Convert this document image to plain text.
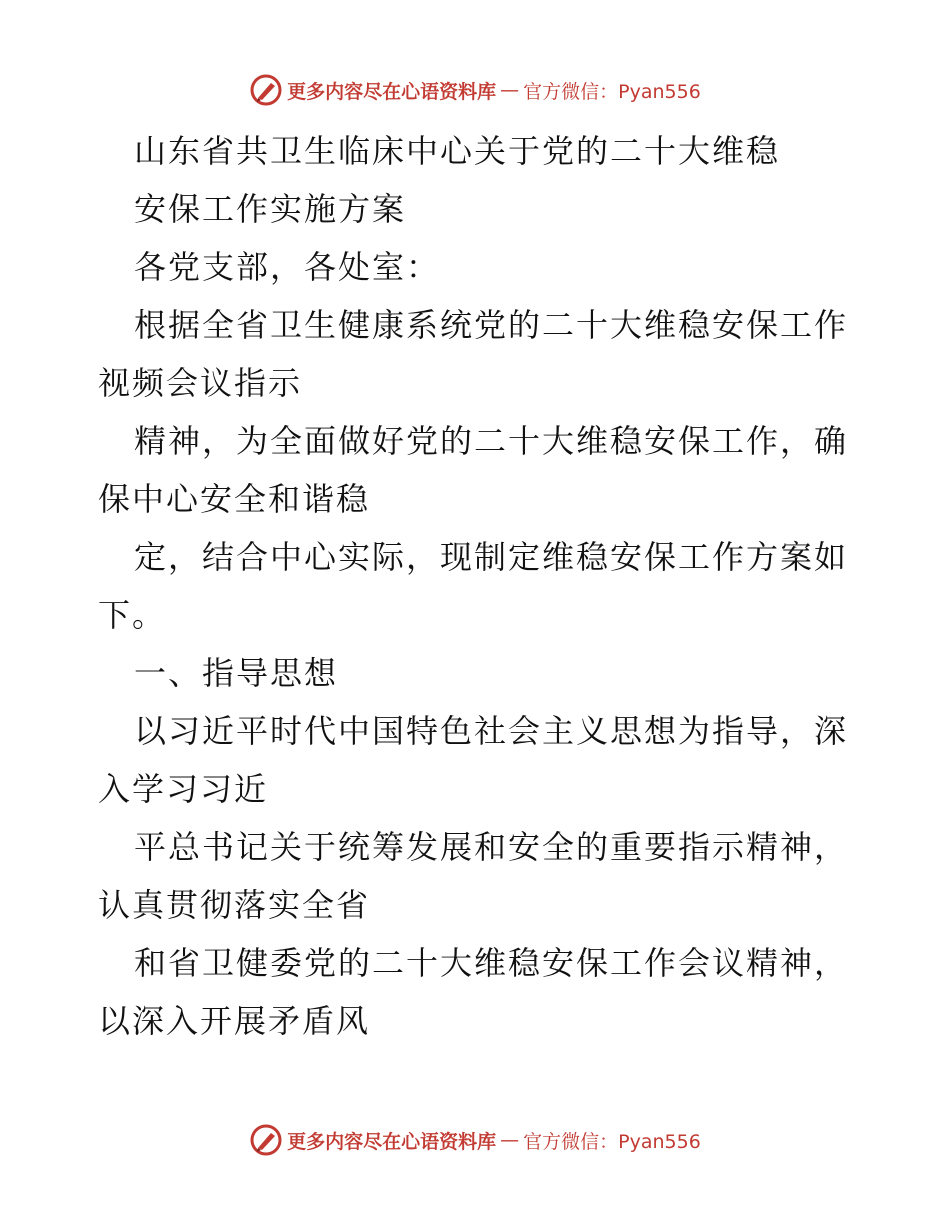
更多内容尽在心语资料库 — 官方微信：Pyan556
山东省共卫生临床中心关于党的二十大维稳
安保工作实施方案
各党支部，各处室：
根据全省卫生健康系统党的二十大维稳安保工作
视频会议指示
精神，为全面做好党的二十大维稳安保工作，确
保中心安全和谐稳
定，结合中心实际，现制定维稳安保工作方案如
下。
一、指导思想
以习近平时代中国特色社会主义思想为指导，深
入学习习近
平总书记关于统筹发展和安全的重要指示精神，
认真贯彻落实全省
和省卫健委党的二十大维稳安保工作会议精神，
以深入开展矛盾风
更多内容尽在心语资料库 — 官方微信：Pyan556
